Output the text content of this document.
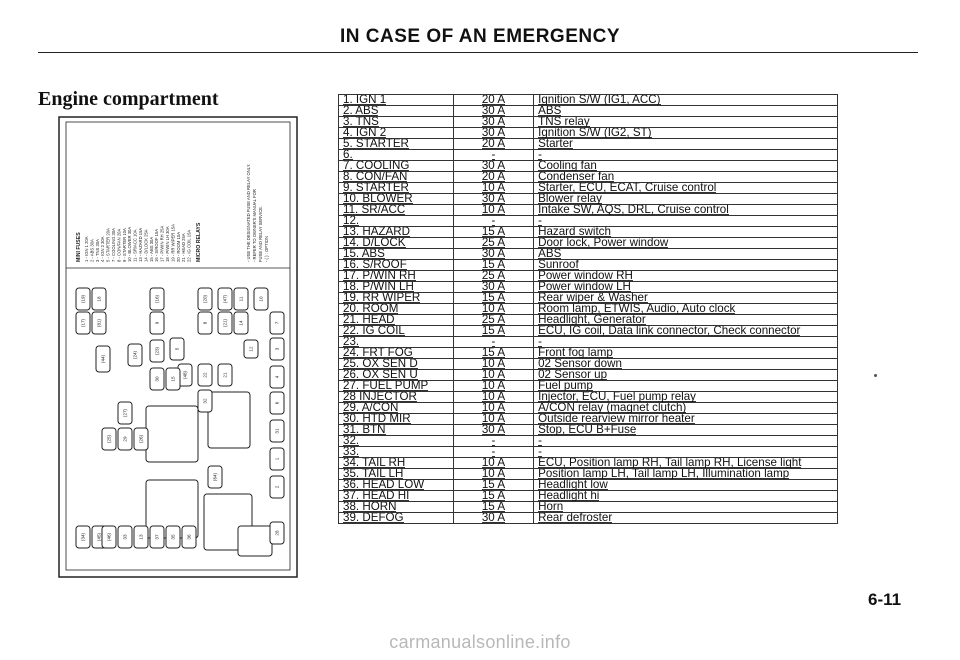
IN CASE OF AN EMERGENCY
Engine compartment
MINI FUSES 1 - IGN 1 20A 2 - ABS 30A 3 - TNS 30A 4 - IGN 2 30A 5 - STARTER 20A 7 - COOLING 30A 8 - CON/FAN 20A 9 - STARTER 10A 10 - BLOWER 30A 11 - SR/ACC 10A 13 - HAZARD 15A 14 - D/LOCK 25A 15 - ABS 30A 16 - S/ROOF 15A 17 - P/WIN RH 25A 18 - P/WIN LH 30A 19 - RR WIPER 15A 20 - ROOM 10A 21 - HEAD 25A 22 - IG COIL 15A MICRO RELAYS	- USE THE DESIGNATED FUSE AND RELAY ONLY. - REFER TO OWNER'S MANUAL FOR FUSE AND RELAY SERVICE. - ( ) : OPTION
(19) 18	(16)	(20)	(47) 11	10
(17) (81)	9	8	(21) 14	7
(44)	(24)	(23)	5
(48)	22	21
3
4
12
30 15
32
(27)
6
31
(25) 29 (26)
1
(34) (45)
(64)
2
(46) 33 13 37 35 36
28
1. IGN 1	20 A	Ignition S/W (IG1, ACC)
2. ABS	30 A	ABS
3. TNS	30 A	TNS relay
4. IGN 2	30 A	Ignition S/W (IG2, ST)
5. STARTER	20 A	Starter
6.	-	-
7. COOLING	30 A	Cooling fan
8. CON/FAN	20 A	Condenser fan
9. STARTER	10 A	Starter, ECU, ECAT, Cruise control
10. BLOWER	30 A	Blower relay
11. SR/ACC	10 A	Intake SW, AQS, DRL, Cruise control
12.	-	-
13. HAZARD	15 A	Hazard switch
14. D/LOCK	25 A	Door lock, Power window
15. ABS	30 A	ABS
16. S/ROOF	15 A	Sunroof
17. P/WIN RH	25 A	Power window RH
18. P/WIN LH	30 A	Power window LH
19. RR WIPER	15 A	Rear wiper & Washer
20. ROOM	10 A	Room lamp, ETWIS, Audio, Auto clock
21. HEAD	25 A	Headlight, Generator
22. IG COIL	15 A	ECU, IG coil, Data link connector, Check connector
23.	-	-
24. FRT FOG	15 A	Front fog lamp
25. OX SEN D	10 A	02 Sensor down
26. OX SEN U	10 A	02 Sensor up
27. FUEL PUMP	10 A	Fuel pump
28 INJECTOR	10 A	Injector, ECU, Fuel pump relay
29. A/CON	10 A	A/CON relay (magnet clutch)
30. HTD MIR	10 A	Outside rearview mirror heater
31. BTN	30 A	Stop, ECU B+Fuse
32.	-	-
33.	-	-
34. TAIL RH	10 A	ECU, Position lamp RH, Tail lamp RH, License light
35. TAIL LH	10 A	Position lamp LH, Tail lamp LH, Illumination lamp
36. HEAD LOW	15 A	Headlight low
37. HEAD HI	15 A	Headlight hi
38. HORN	15 A	Horn
39. DEFOG	30 A	Rear defroster
6-11
carmanualsonline.info
